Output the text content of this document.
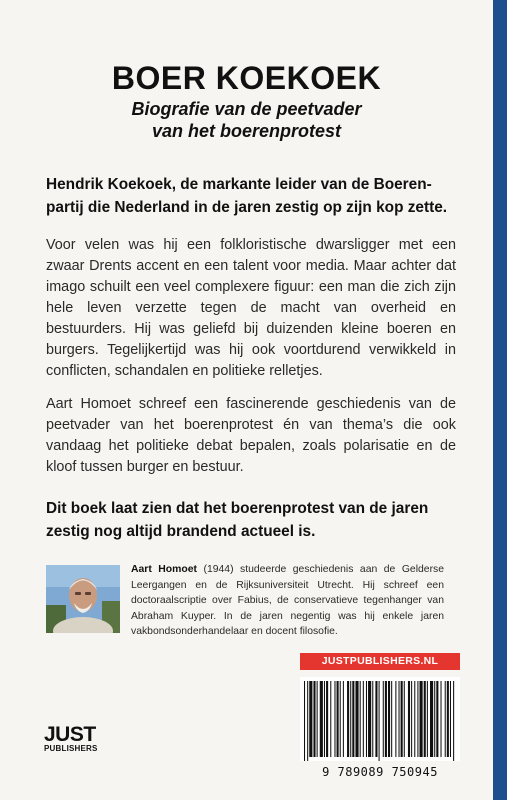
BOER KOEKOEK
Biografie van de peetvader
van het boerenprotest
Hendrik Koekoek, de markante leider van de Boerenpartij die Nederland in de jaren zestig op zijn kop zette.
Voor velen was hij een folkloristische dwarsligger met een zwaar Drents accent en een talent voor media. Maar achter dat imago schuilt een veel complexere figuur: een man die zich zijn hele leven verzette tegen de macht van overheid en bestuurders. Hij was geliefd bij duizenden kleine boeren en burgers. Tegelijkertijd was hij ook voortdurend verwikkeld in conflicten, schandalen en politieke relletjes.
Aart Homoet schreef een fascinerende geschiedenis van de peetvader van het boerenprotest én van thema’s die ook vandaag het politieke debat bepalen, zoals polarisatie en de kloof tussen burger en bestuur.
Dit boek laat zien dat het boerenprotest van de jaren zestig nog altijd brandend actueel is.
Aart Homoet (1944) studeerde geschiedenis aan de Gelderse Leergangen en de Rijksuniversiteit Utrecht. Hij schreef een doctoraalscriptie over Fabius, de conservatieve tegenhanger van Abraham Kuyper. In de jaren negentig was hij enkele jaren vakbondsonderhandelaar en docent filosofie.
JUST
PUBLISHERS
JUSTPUBLISHERS.NL
9 789089 750945
